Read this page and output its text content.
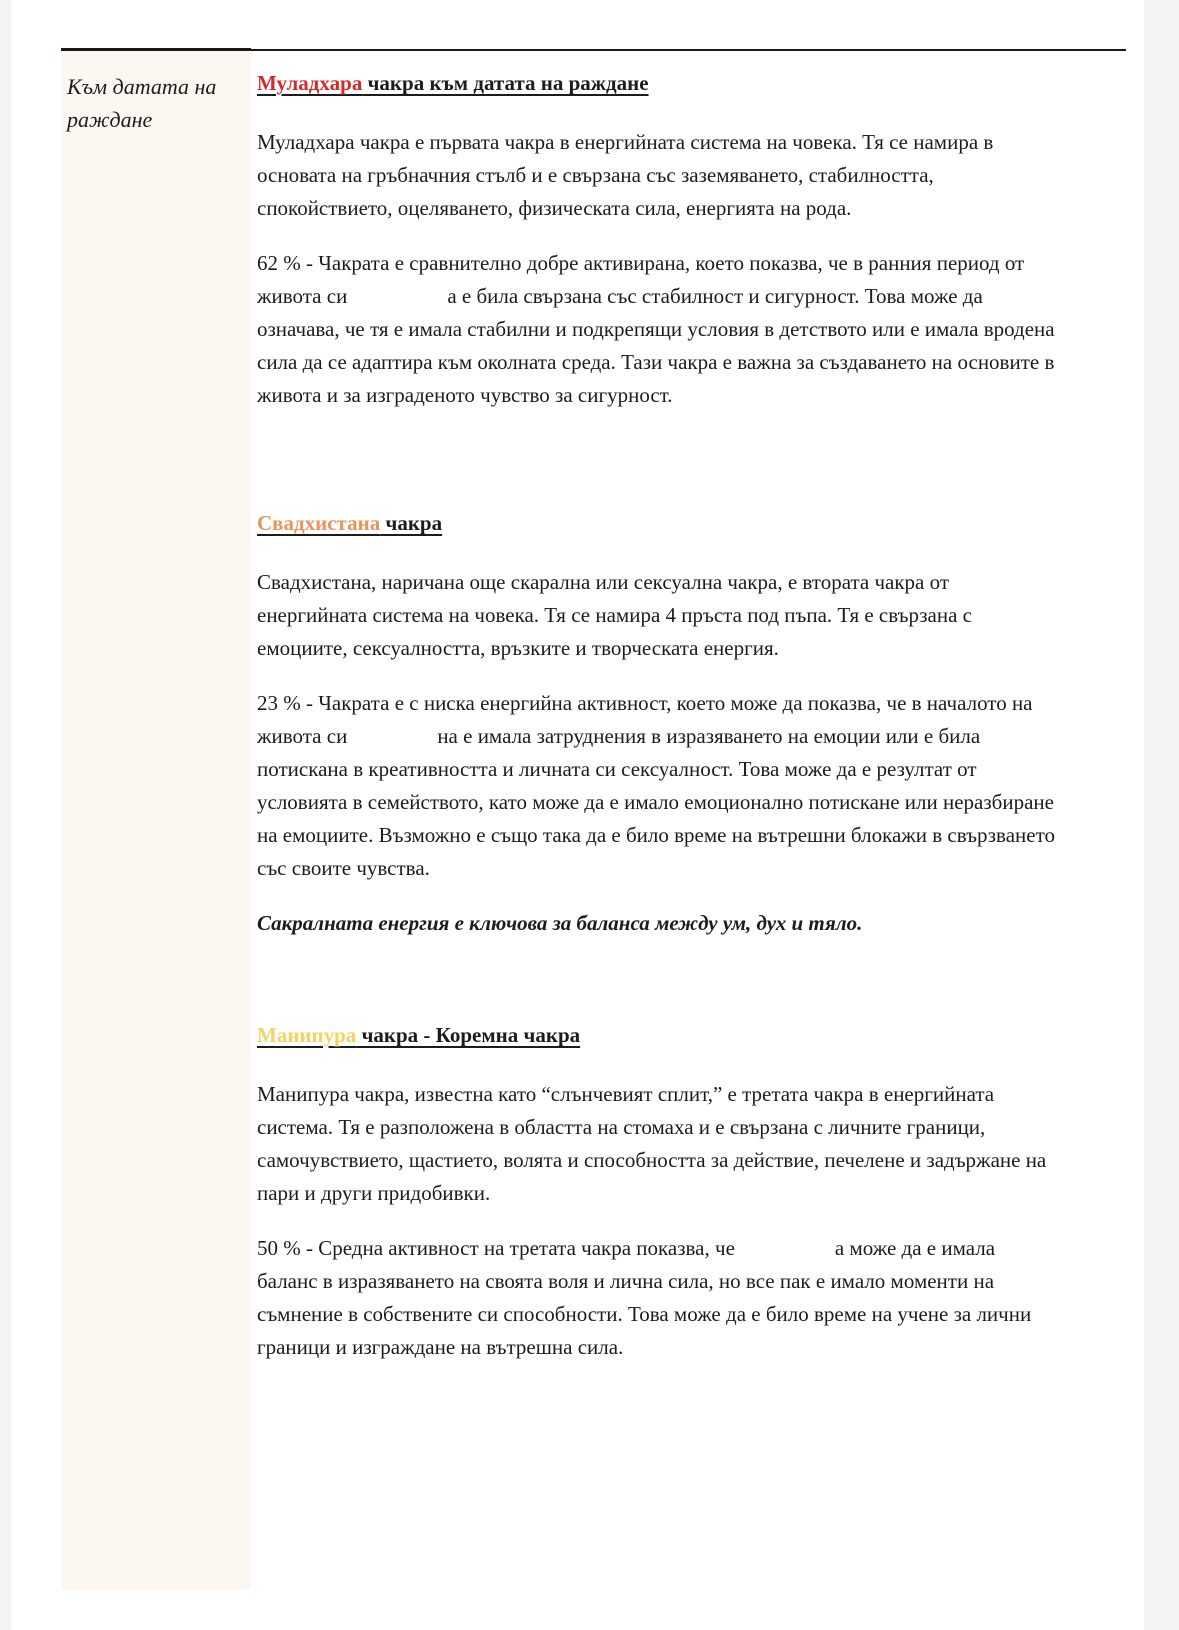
Към датата на раждане

Муладхара чакра към датата на раждане

Муладхара чакра е първата чакра в енергийната система на човека. Тя се намира в основата на гръбначния стълб и е свързана със заземяването, стабилността, спокойствието, оцеляването, физическата сила, енергията на рода.

62 % - Чакрата е сравнително добре активирана, което показва, че в ранния период от живота си	а е била свързана със стабилност и сигурност. Това може да означава, че тя е имала стабилни и подкрепящи условия в детството или е имала вродена сила да се адаптира към околната среда. Тази чакра е важна за създаването на основите в живота и за изграденото чувство за сигурност.

Свадхистана чакра

Свадхистана, наричана още скарална или сексуална чакра, е втората чакра от енергийната система на човека. Тя се намира 4 пръста под пъпа. Тя е свързана с емоциите, сексуалността, връзките и творческата енергия.

23 % - Чакрата е с ниска енергийна активност, което може да показва, че в началото на живота си	на е имала затруднения в изразяването на емоции или е била потискана в креативността и личната си сексуалност. Това може да е резултат от условията в семейството, като може да е имало емоционално потискане или неразбиране на емоциите. Възможно е също така да е било време на вътрешни блокажи в свързването със своите чувства.

Сакралната енергия е ключова за баланса между ум, дух и тяло.

Манипура чакра - Коремна чакра

Манипура чакра, известна като “слънчевият сплит,” е третата чакра в енергийната система. Тя е разположена в областта на стомаха и е свързана с личните граници, самочувствието, щастието, волята и способността за действие, печелене и задържане на пари и други придобивки.

50 % - Средна активност на третата чакра показва, че	а може да е имала баланс в изразяването на своята воля и лична сила, но все пак е имало моменти на съмнение в собствените си способности. Това може да е било време на учене за лични граници и изграждане на вътрешна сила.
